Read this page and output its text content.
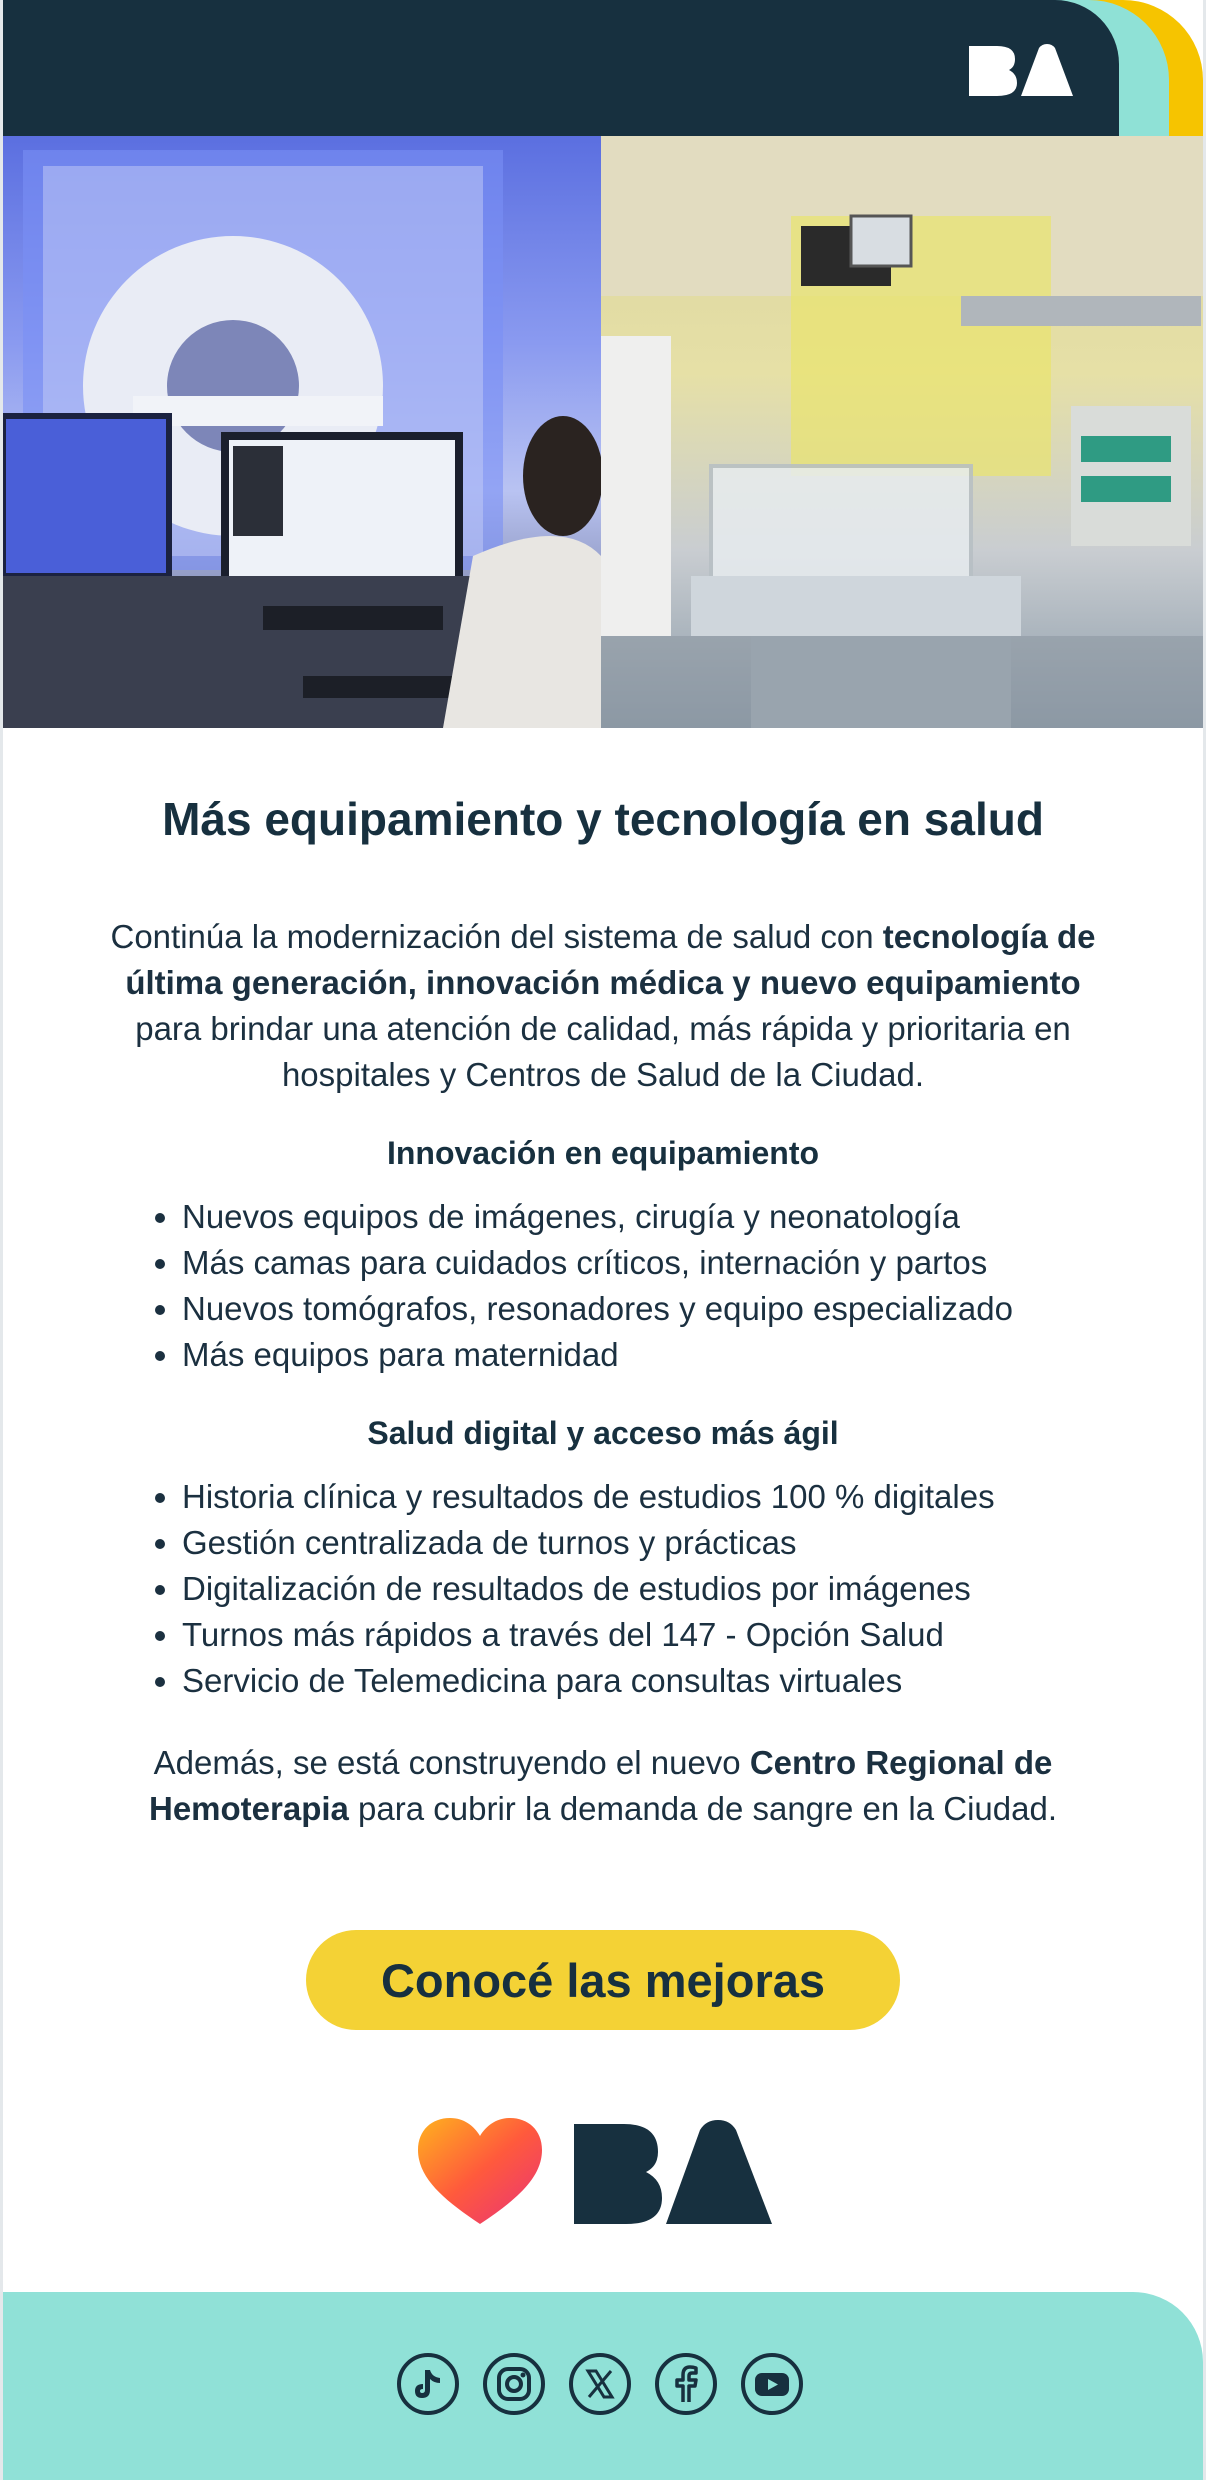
Más equipamiento y tecnología en salud

Continúa la modernización del sistema de salud con tecnología de última generación, innovación médica y nuevo equipamiento para brindar una atención de calidad, más rápida y prioritaria en hospitales y Centros de Salud de la Ciudad.

Innovación en equipamiento
• Nuevos equipos de imágenes, cirugía y neonatología
• Más camas para cuidados críticos, internación y partos
• Nuevos tomógrafos, resonadores y equipo especializado
• Más equipos para maternidad
Salud digital y acceso más ágil
• Historia clínica y resultados de estudios 100 % digitales
• Gestión centralizada de turnos y prácticas
• Digitalización de resultados de estudios por imágenes
• Turnos más rápidos a través del 147 - Opción Salud
• Servicio de Telemedicina para consultas virtuales

Además, se está construyendo el nuevo Centro Regional de Hemoterapia para cubrir la demanda de sangre en la Ciudad.

Conocé las mejoras
